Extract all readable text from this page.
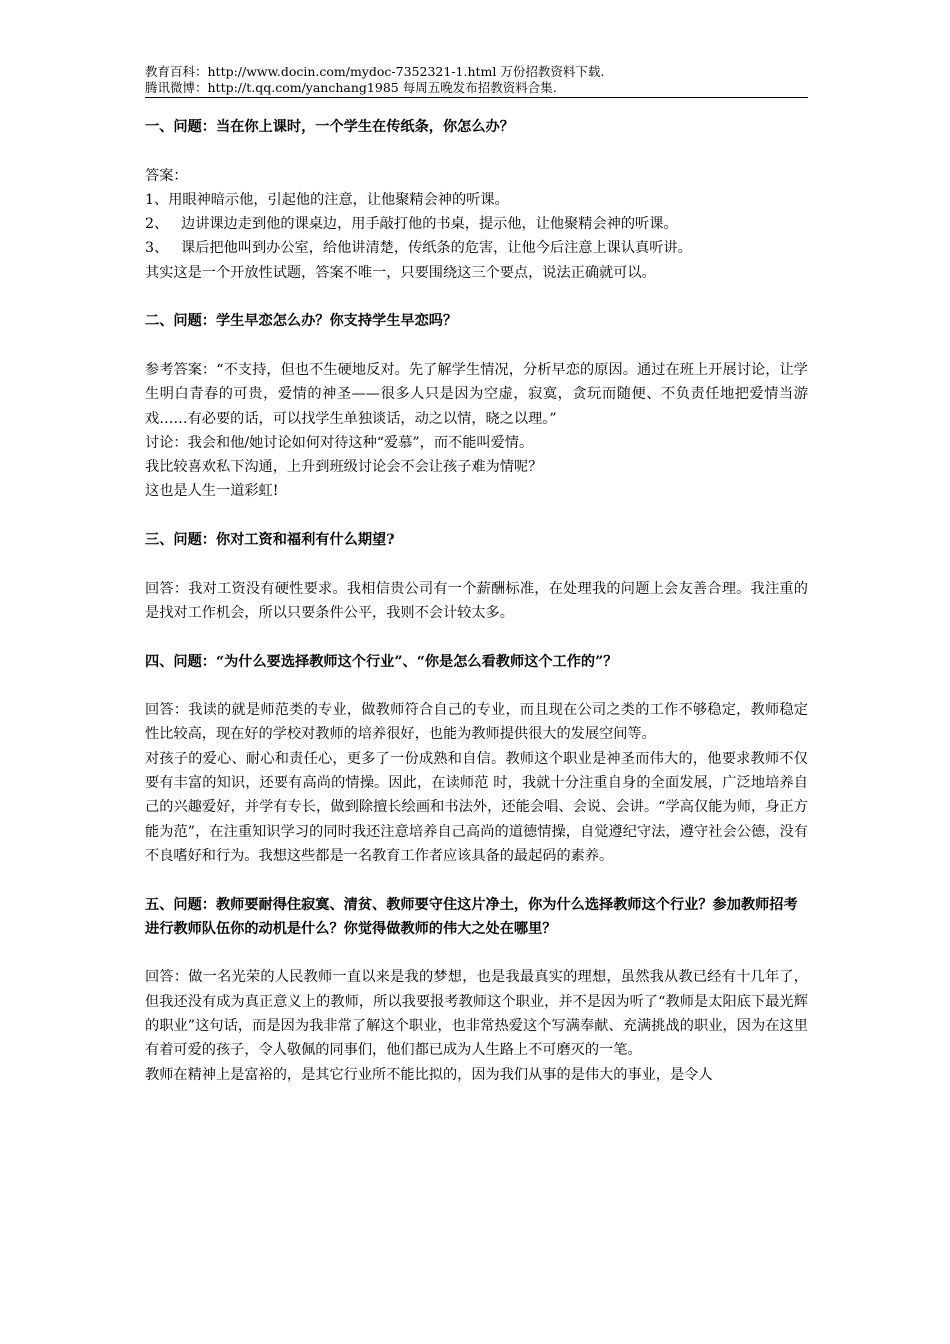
教育百科：http://www.docin.com/mydoc-7352321-1.html 万份招教资料下载.
腾讯微博：http://t.qq.com/yanchang1985 每周五晚发布招教资料合集.

一、问题：当在你上课时，一个学生在传纸条，你怎么办？

答案：

1、用眼神暗示他，引起他的注意，让他聚精会神的听课。

2、 边讲课边走到他的课桌边，用手敲打他的书桌，提示他，让他聚精会神的听课。

3、 课后把他叫到办公室，给他讲清楚，传纸条的危害，让他今后注意上课认真听讲。

其实这是一个开放性试题，答案不唯一，只要围绕这三个要点，说法正确就可以。

二、问题：学生早恋怎么办？你支持学生早恋吗？

参考答案：“不支持，但也不生硬地反对。先了解学生情况，分析早恋的原因。通过在班上开展讨论，让学生明白青春的可贵，爱情的神圣——很多人只是因为空虚，寂寞，贪玩而随便、不负责任地把爱情当游戏……有必要的话，可以找学生单独谈话，动之以情，晓之以理。”

讨论：我会和他/她讨论如何对待这种“爱慕”，而不能叫爱情。

我比较喜欢私下沟通，上升到班级讨论会不会让孩子难为情呢？

这也是人生一道彩虹!

三、问题：你对工资和福利有什么期望?

回答：我对工资没有硬性要求。我相信贵公司有一个薪酬标准，在处理我的问题上会友善合理。我注重的是找对工作机会，所以只要条件公平，我则不会计较太多。

四、问题：“为什么要选择教师这个行业”、“你是怎么看教师这个工作的”？

回答：我读的就是师范类的专业，做教师符合自己的专业，而且现在公司之类的工作不够稳定，教师稳定性比较高，现在好的学校对教师的培养很好，也能为教师提供很大的发展空间等。

对孩子的爱心、耐心和责任心，更多了一份成熟和自信。教师这个职业是神圣而伟大的，他要求教师不仅要有丰富的知识，还要有高尚的情操。因此，在读师范 时，我就十分注重自身的全面发展，广泛地培养自己的兴趣爱好，并学有专长，做到除擅长绘画和书法外，还能会唱、会说、会讲。“学高仅能为师，身正方能为范”，在注重知识学习的同时我还注意培养自己高尚的道德情操，自觉遵纪守法，遵守社会公德，没有不良嗜好和行为。我想这些都是一名教育工作者应该具备的最起码的素养。

五、问题：教师要耐得住寂寞、清贫、教师要守住这片净土，你为什么选择教师这个行业？参加教师招考进行教师队伍你的动机是什么？你觉得做教师的伟大之处在哪里？

回答：做一名光荣的人民教师一直以来是我的梦想，也是我最真实的理想，虽然我从教已经有十几年了，但我还没有成为真正意义上的教师，所以我要报考教师这个职业，并不是因为听了“教师是太阳底下最光辉的职业”这句话，而是因为我非常了解这个职业，也非常热爱这个写满奉献、充满挑战的职业，因为在这里有着可爱的孩子，令人敬佩的同事们，他们都已成为人生路上不可磨灭的一笔。

教师在精神上是富裕的，是其它行业所不能比拟的，因为我们从事的是伟大的事业，是令人
